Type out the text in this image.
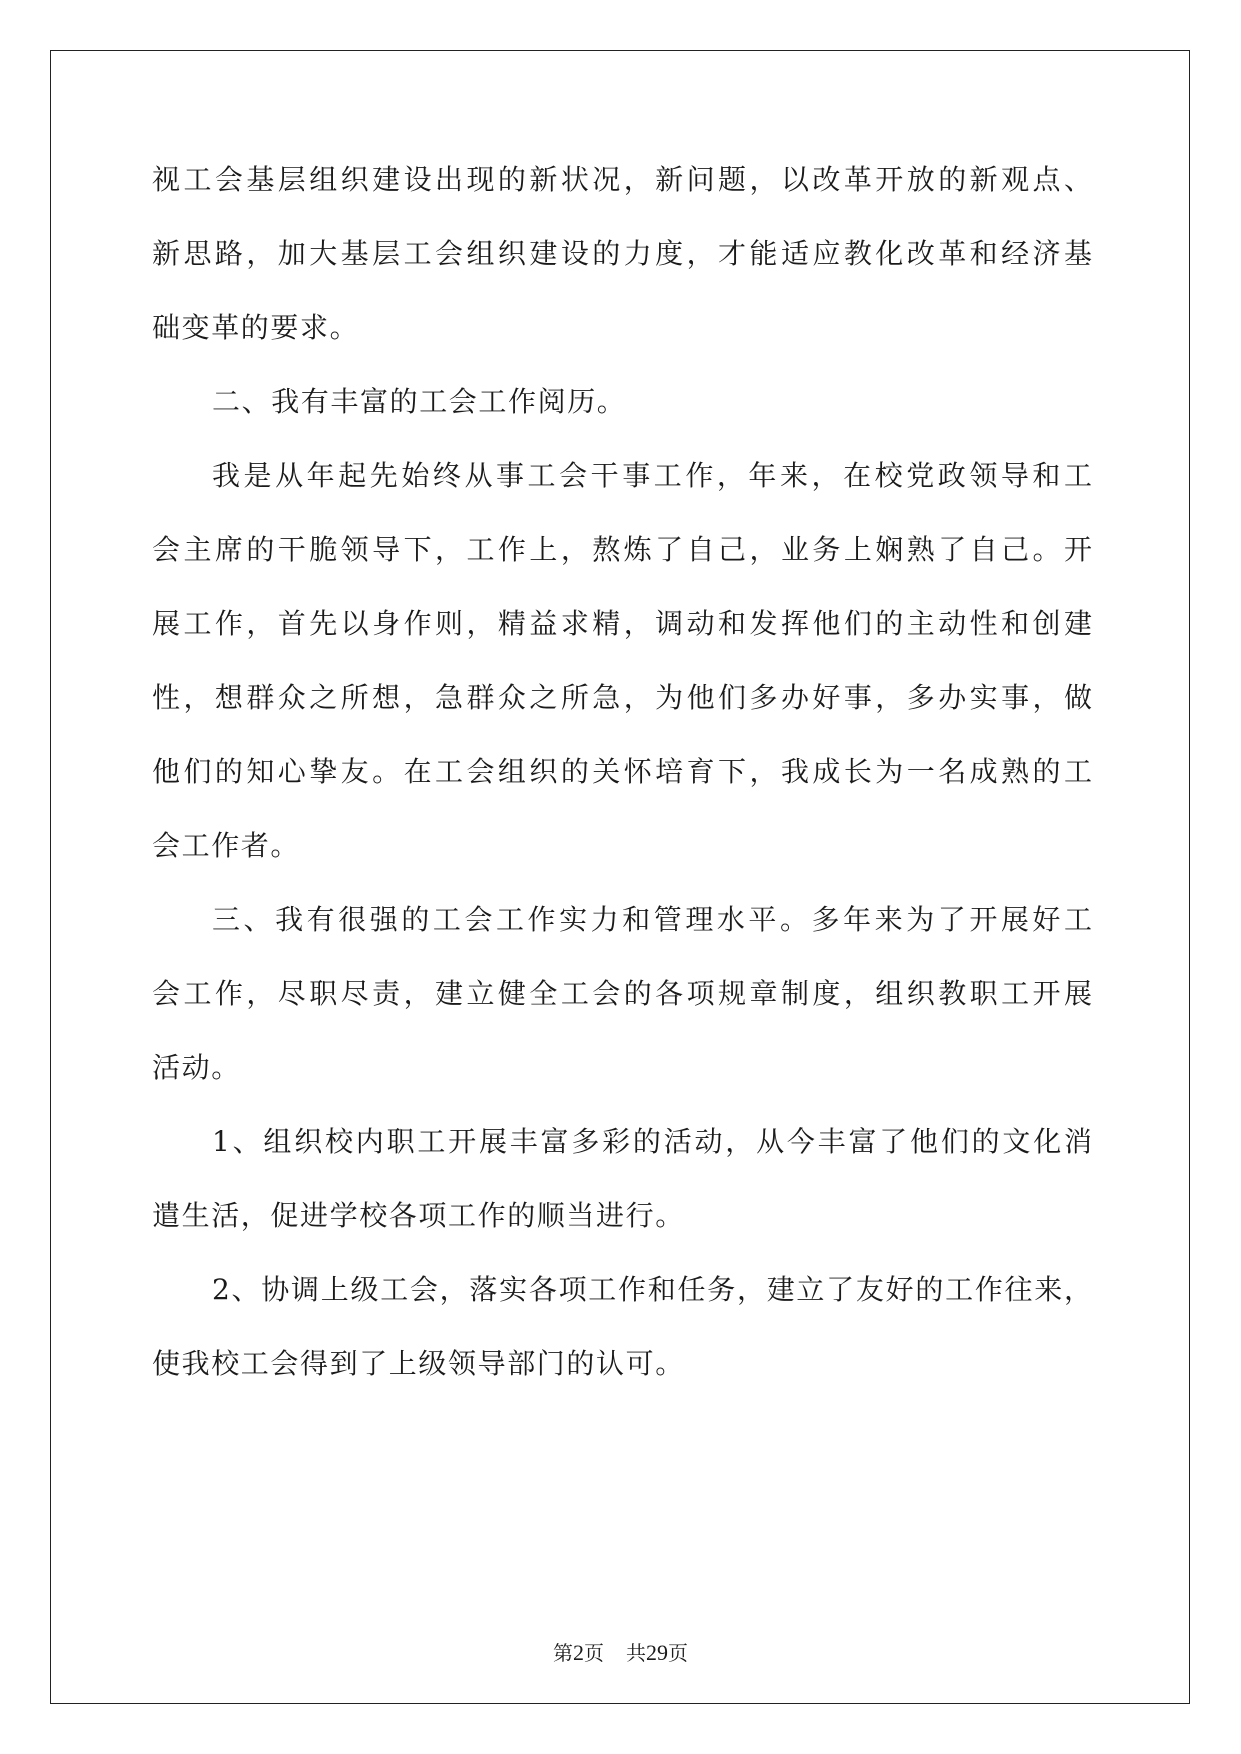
视工会基层组织建设出现的新状况，新问题，以改革开放的新观点、
新思路，加大基层工会组织建设的力度，才能适应教化改革和经济基
础变革的要求。
二、我有丰富的工会工作阅历。
我是从年起先始终从事工会干事工作，年来，在校党政领导和工
会主席的干脆领导下，工作上，熬炼了自己，业务上娴熟了自己。开
展工作，首先以身作则，精益求精，调动和发挥他们的主动性和创建
性，想群众之所想，急群众之所急，为他们多办好事，多办实事，做
他们的知心挚友。在工会组织的关怀培育下，我成长为一名成熟的工
会工作者。
三、我有很强的工会工作实力和管理水平。多年来为了开展好工
会工作，尽职尽责，建立健全工会的各项规章制度，组织教职工开展
活动。
1、组织校内职工开展丰富多彩的活动，从今丰富了他们的文化消
遣生活，促进学校各项工作的顺当进行。
2、协调上级工会，落实各项工作和任务，建立了友好的工作往来，
使我校工会得到了上级领导部门的认可。
第2页 共29页
